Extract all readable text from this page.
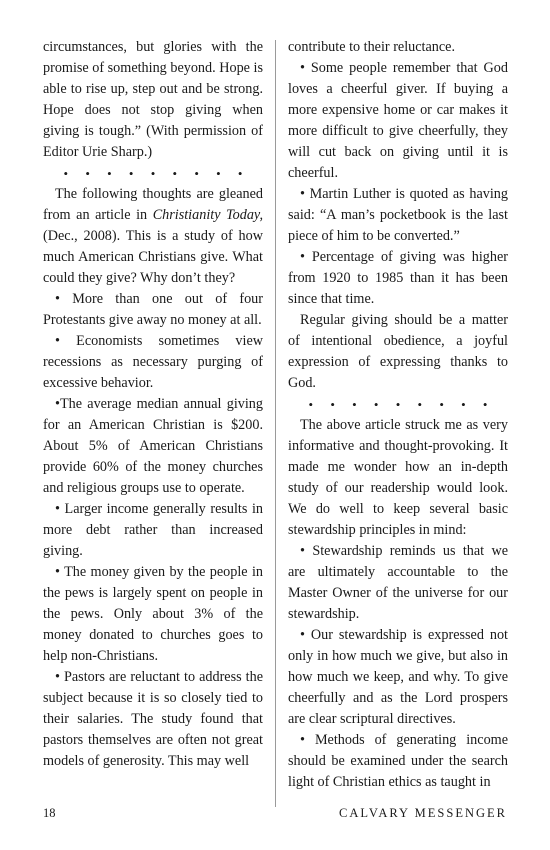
circumstances, but glories with the promise of something beyond. Hope is able to rise up, step out and be strong. Hope does not stop giving when giving is tough.” (With permission of Editor Urie Sharp.)

• • • • • • • • •

The following thoughts are gleaned from an article in Christianity Today, (Dec., 2008). This is a study of how much American Christians give. What could they give? Why don’t they?

• More than one out of four Protestants give away no money at all.

• Economists sometimes view recessions as necessary purging of excessive behavior.

•The average median annual giving for an American Christian is $200. About 5% of American Christians provide 60% of the money churches and religious groups use to operate.

• Larger income generally results in more debt rather than increased giving.

• The money given by the people in the pews is largely spent on people in the pews. Only about 3% of the money donated to churches goes to help non-Christians.

• Pastors are reluctant to address the subject because it is so closely tied to their salaries. The study found that pastors themselves are often not great models of generosity. This may well

contribute to their reluctance.

• Some people remember that God loves a cheerful giver. If buying a more expensive home or car makes it more difficult to give cheerfully, they will cut back on giving until it is cheerful.

• Martin Luther is quoted as having said: “A man’s pocketbook is the last piece of him to be converted.”

• Percentage of giving was higher from 1920 to 1985 than it has been since that time.

Regular giving should be a matter of intentional obedience, a joyful expression of expressing thanks to God.

• • • • • • • • •

The above article struck me as very informative and thought-provoking. It made me wonder how an in-depth study of our readership would look. We do well to keep several basic stewardship principles in mind:

• Stewardship reminds us that we are ultimately accountable to the Master Owner of the universe for our stewardship.

• Our stewardship is expressed not only in how much we give, but also in how much we keep, and why. To give cheerfully and as the Lord prospers are clear scriptural directives.

• Methods of generating income should be examined under the search light of Christian ethics as taught in

18	CALVARY MESSENGER
